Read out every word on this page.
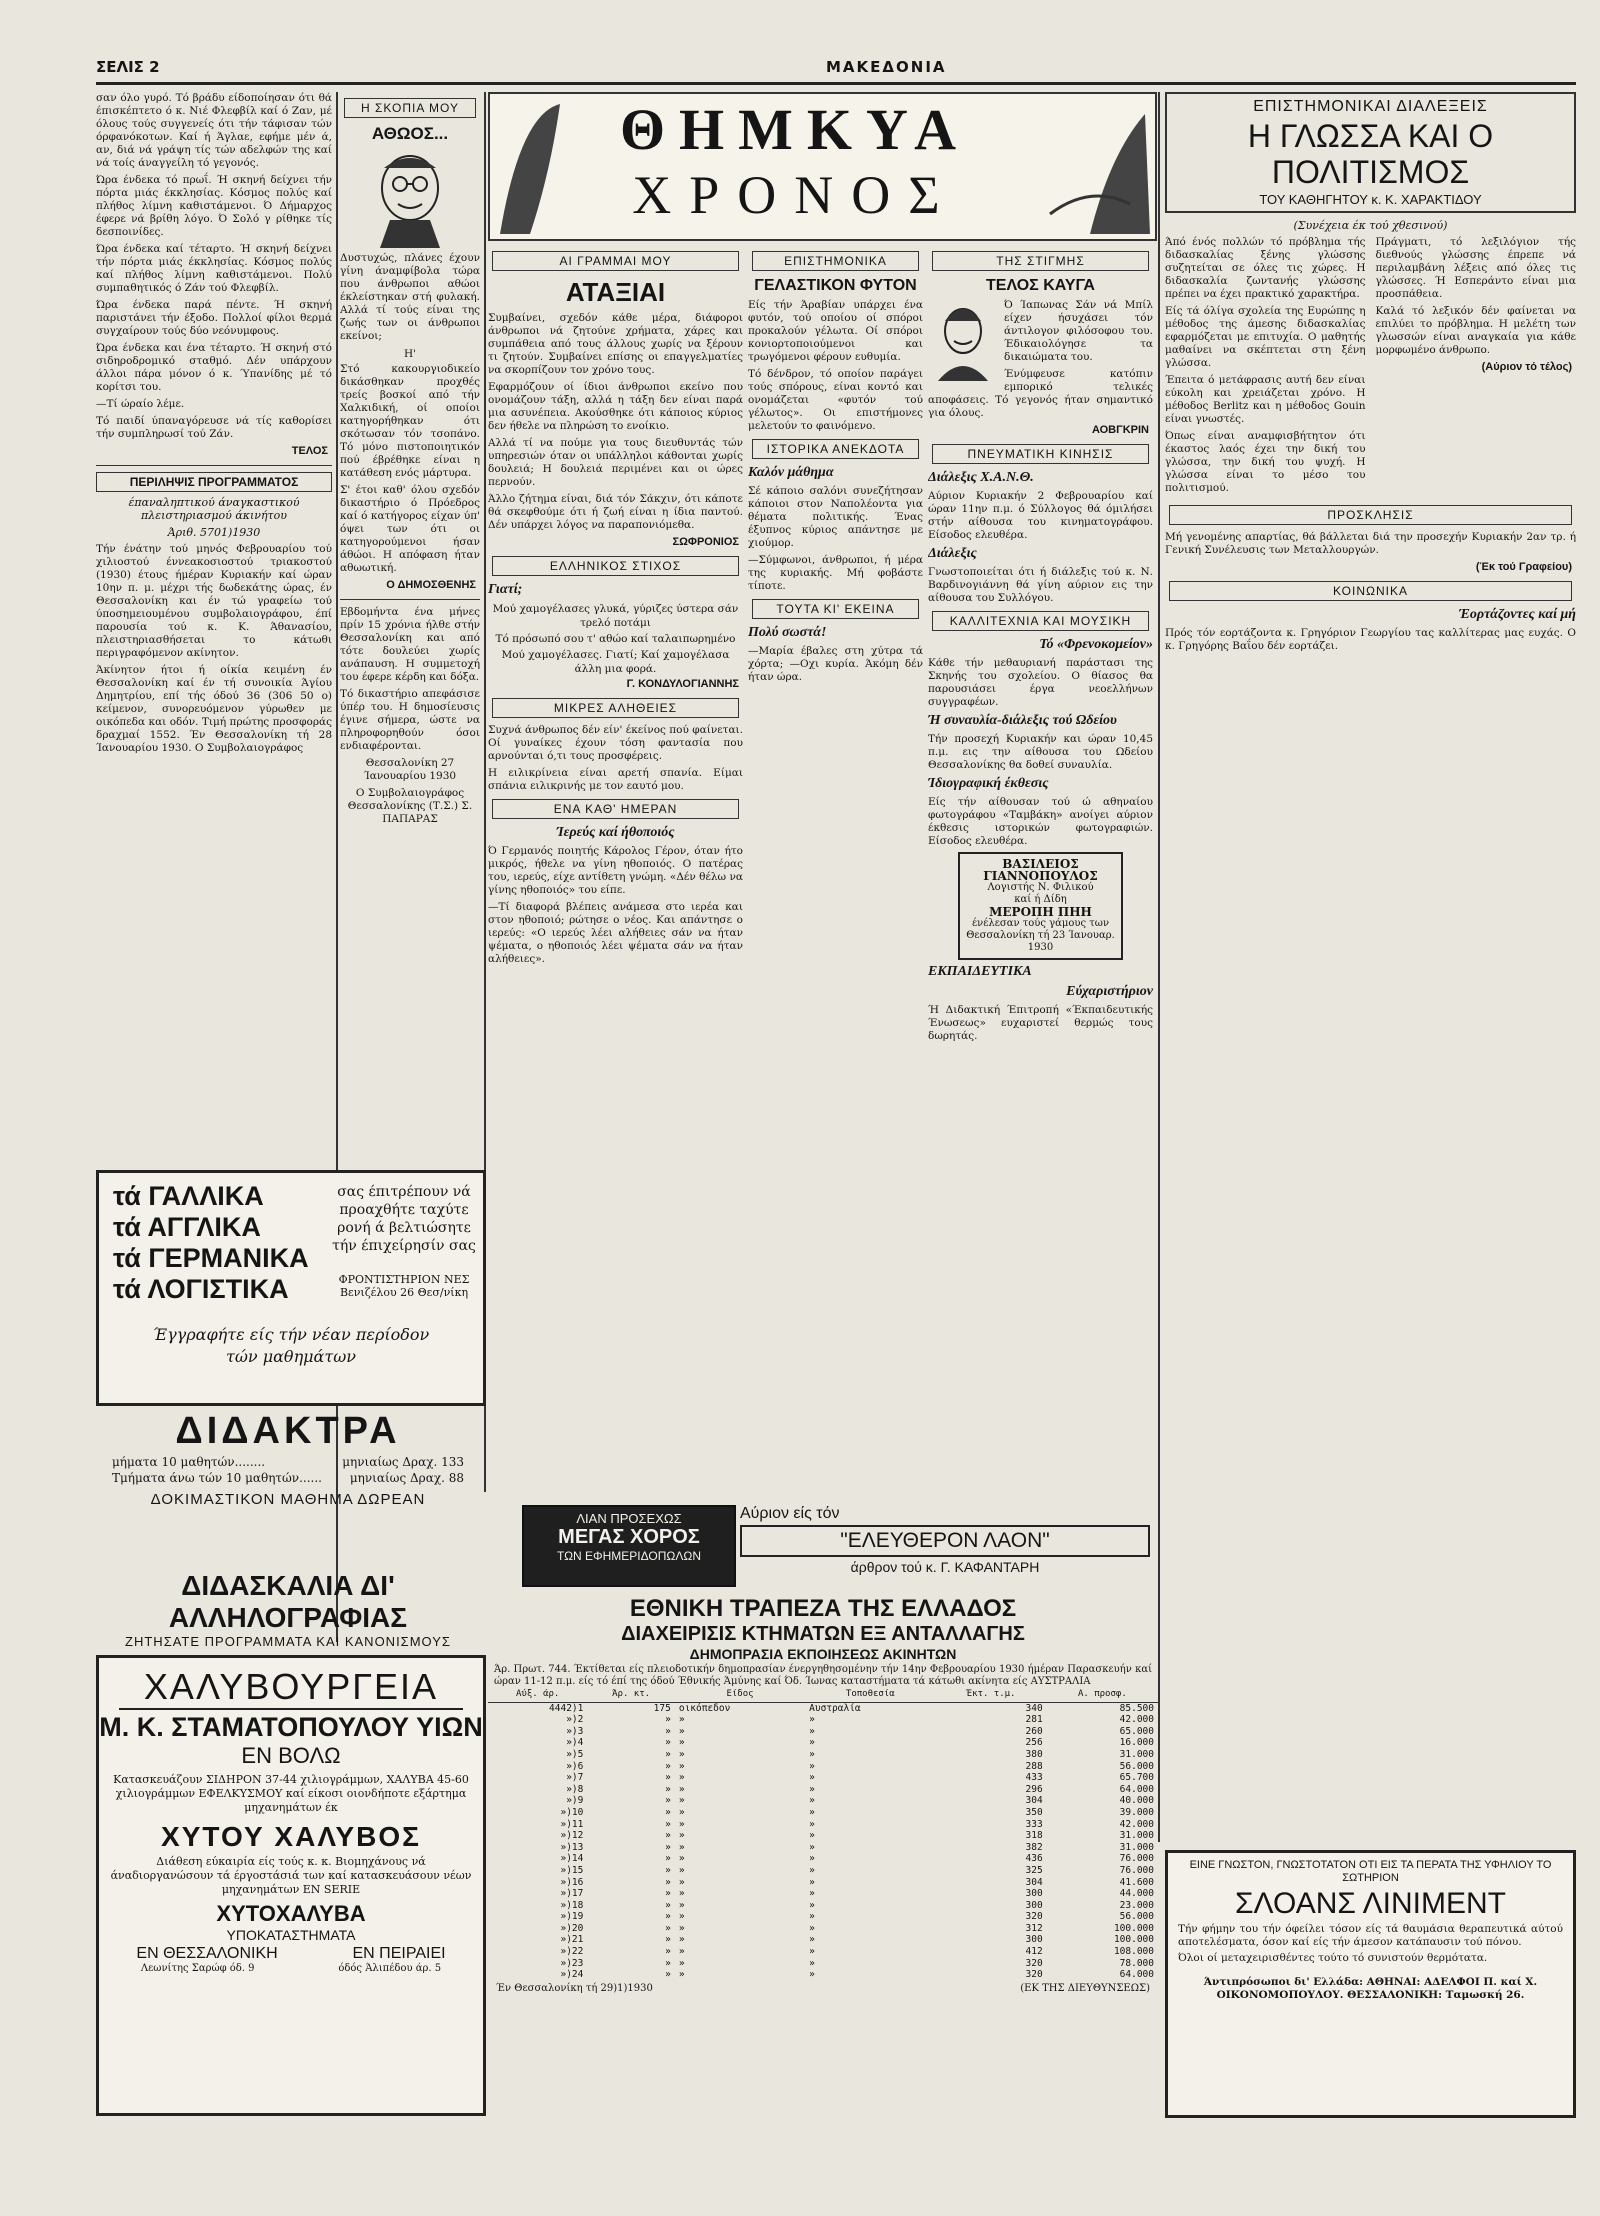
ΣΕΛΙΣ 2	ΜΑΚΕΔΟΝΙΑ

σαν όλο γυρό. Τό βράδυ είδοποίησαν ότι θά έπισκέπτετο ό κ. Νιέ Φλεφβίλ καί ό Ζαν, μέ όλους τούς συγγενείς ότι τήν τάφισαν τών όρφανόκοτων. Καί ή Άγλαε, εφήμε μέν ά, αν, διά νά γράψη τίς τών αδελφών της καί νά τοίς άναγγείλη τό γεγονός.

Ώρα ένδεκα τό πρωΐ. Ή σκηνή δείχνει τήν πόρτα μιάς έκκλησίας. Κόσμος πολύς καί πλήθος λίμνη καθιστάμενοι. Ό Δήμαρχος έφερε νά βρίθη λόγο. Ό Σολό γ ρίθηκε τίς δεσποινίδες.

Ώρα ένδεκα καί τέταρτο. Ή σκηνή δείχνει τήν πόρτα μιάς έκκλησίας. Κόσμος πολύς καί πλήθος λίμνη καθιστάμενοι. Πολύ συμπαθητικός ό Ζάν τού Φλεφβίλ.

Ώρα ένδεκα παρά πέντε. Ή σκηνή παριστάνει τήν έξοδο. Πολλοί φίλοι θερμά συγχαίρουν τούς δύο νεόνυμφους.

Ώρα ένδεκα και ένα τέταρτο. Ή σκηνή στό σιδηροδρομικό σταθμό. Δέν υπάρχουν άλλοι πάρα μόνον ό κ. Ύπανίδης μέ τό κορίτσι του.

—Τί ώραίο λέμε.

Τό παιδί ύπαναγόρευσε νά τίς καθορίσει τήν συμπληρωσί τού Ζάν.

ΤΕΛΟΣ
ΠΕΡΙΛΗΨΙΣ ΠΡΟΓΡΑΜΜΑΤΟΣ
έπαναληπτικού άναγκαστικού πλειστηριασμού άκινήτου
Άριθ. 5701)1930

Τήν ένάτην τού μηνός Φεβρουαρίου τού χιλιοστού έννεακοσιοστού τριακοστού (1930) έτους ήμέραν Κυριακήν καί ώραν 10ην π. μ. μέχρι τής δωδεκάτης ώρας, έν Θεσσαλονίκη και έν τώ γραφείω τού ύποσημειουμένου συμβολαιογράφου, έπί παρουσία τού κ. Κ. Άθανασίου, πλειστηριασθήσεται το κάτωθι περιγραφόμενον ακίνητον.

Άκίνητον ήτοι ή οίκία κειμένη έν Θεσσαλονίκη καί έν τή συνοικία Άγίου Δημητρίου, επί τής όδού 36 (306 50 ο) κείμενον, συνορευόμενον γύρωθεν με οικόπεδα και οδόν. Τιμή πρώτης προσφοράς δραχμαί 1552. Έν Θεσσαλονίκη τή 28 Ίανουαρίου 1930. Ο Συμβολαιογράφος

Η ΣΚΟΠΙΑ ΜΟΥ
ΑΘΩΟΣ...

Δυστυχώς, πλάνες έχουν γίνη άναμφίβολα τώρα που άνθρωποι αθώοι έκλείστηκαν στή φυλακή. Αλλά τί τούς είναι της ζωής των οι άνθρωποι εκείνοι;

Η'

Στό κακουργιοδικείο δικάσθηκαν προχθές τρείς βοσκοί από τήν Χαλκιδική, οί οποίοι κατηγορήθηκαν ότι σκότωσαν τόν τσοπάνο. Τό μόνο πιστοποιητικόν πού έβρέθηκε είναι η κατάθεση ενός μάρτυρα.

Σ' έτοι καθ' όλου σχεδόν δικαστήριο ό Πρόεδρος καί ό κατήγορος είχαν ύπ' όψει των ότι οι κατηγορούμενοι ήσαν άθώοι. Η απόφαση ήταν αθωωτική.

Ο ΔΗΜΟΣΘΕΝΗΣ

Εβδομήντα ένα μήνες πρίν 15 χρόνια ήλθε στήν Θεσσαλονίκη και από τότε δουλεύει χωρίς ανάπαυση. Η συμμετοχή του έφερε κέρδη και δόξα.

Τό δικαστήριο απεφάσισε ύπέρ του. Η δημοσίευσις έγινε σήμερα, ώστε να πληροφορηθούν όσοι ενδιαφέρονται.

Θεσσαλονίκη 27 Ίανουαρίου 1930

Ο Συμβολαιογράφος Θεσσαλονίκης (Τ.Σ.) Σ. ΠΑΠΑΡΑΣ

ΘΗΜΚΥΑ
ΧΡΟΝΟΣ
ΑΙ ΓΡΑΜΜΑΙ ΜΟΥ
ΑΤΑΞΙΑΙ

Συμβαίνει, σχεδόν κάθε μέρα, διάφοροι άνθρωποι νά ζητούνε χρήματα, χάρες και συμπάθεια από τους άλλους χωρίς να ξέρουν τι ζητούν. Συμβαίνει επίσης οι επαγγελματίες να σκορπίζουν τον χρόνο τους.

Εφαρμόζουν οί ίδιοι άνθρωποι εκείνο που ονομάζουν τάξη, αλλά η τάξη δεν είναι παρά μια ασυνέπεια. Ακούσθηκε ότι κάποιος κύριος δεν ήθελε να πληρώση το ενοίκιο.

Αλλά τί να πούμε για τους διευθυντάς τών υπηρεσιών όταν οι υπάλληλοι κάθονται χωρίς δουλειά; Η δουλειά περιμένει και οι ώρες περνούν.

Άλλο ζήτημα είναι, διά τόν Σάκχιν, ότι κάποτε θά σκεφθούμε ότι ή ζωή είναι η ίδια παντού. Δέν υπάρχει λόγος να παραπονιόμεθα.

ΣΩΦΡΟΝΙΟΣ
ΕΛΛΗΝΙΚΟΣ ΣΤΙΧΟΣ
Γιατί;

Μού χαμογέλασες γλυκά, γύριζες ύστερα σάν τρελό ποτάμι

Τό πρόσωπό σου τ' αθώο καί ταλαιπωρημένο

Μού χαμογέλασες. Γιατί; Καί χαμογέλασα άλλη μια φορά.

Γ. ΚΟΝΔΥΛΟΓΙΑΝΝΗΣ
ΜΙΚΡΕΣ ΑΛΗΘΕΙΕΣ

Συχνά άνθρωπος δέν είν' έκείνος πού φαίνεται. Οί γυναίκες έχουν τόση φαντασία που αρνούνται ό,τι τους προσφέρεις.

Η ειλικρίνεια είναι αρετή σπανία. Είμαι σπάνια ειλικρινής με τον εαυτό μου.

ΕΝΑ ΚΑΘ' ΗΜΕΡΑΝ
Ίερεύς καί ήθοποιός

Ό Γερμανός ποιητής Κάρολος Γέρον, όταν ήτο μικρός, ήθελε να γίνη ηθοποιός. Ο πατέρας του, ιερεύς, είχε αντίθετη γνώμη. «Δέν θέλω να γίνης ηθοποιός» του είπε.

—Τί διαφορά βλέπεις ανάμεσα στο ιερέα και στον ηθοποιό; ρώτησε ο νέος. Και απάντησε ο ιερεύς: «Ο ιερεύς λέει αλήθειες σάν να ήταν ψέματα, ο ηθοποιός λέει ψέματα σάν να ήταν αλήθειες».

ΕΠΙΣΤΗΜΟΝΙΚΑ
ΓΕΛΑΣΤΙΚΟΝ ΦΥΤΟΝ

Είς τήν Άραβίαν υπάρχει ένα φυτόν, τού οποίου οί σπόροι προκαλούν γέλωτα. Οί σπόροι κονιορτοποιούμενοι και τρωγόμενοι φέρουν ευθυμία.

Τό δένδρον, τό οποίον παράγει τούς σπόρους, είναι κοντό και ονομάζεται «φυτόν τού γέλωτος». Οι επιστήμονες μελετούν το φαινόμενο.

ΙΣΤΟΡΙΚΑ ΑΝΕΚΔΟΤΑ
Καλόν μάθημα

Σέ κάποιο σαλόνι συνεζήτησαν κάποιοι στον Ναπολέοντα για θέματα πολιτικής. Ένας έξυπνος κύριος απάντησε με χιούμορ.

—Σύμφωνοι, άνθρωποι, ή μέρα της κυριακής. Μή φοβάστε τίποτε.

ΤΟΥΤΑ ΚΙ' ΕΚΕΙΝΑ
Πολύ σωστά!

—Μαρία έβαλες στη χύτρα τά χόρτα; —Οχι κυρία. Άκόμη δέν ήταν ώρα.

ΤΗΣ ΣΤΙΓΜΗΣ
ΤΕΛΟΣ ΚΑΥΓΑ

Ό Ίαπωνας Σάν νά Μπίλ είχεν ήσυχάσει τόν άντιλογον φιλόσοφου του. Έδικαιολόγησε τα δικαιώματα του.

Ένύμφευσε κατόπιν εμπορικό τελικές αποφάσεις. Τό γεγονός ήταν σημαντικό για όλους.

ΑΟΒΓΚΡΙΝ
ΠΝΕΥΜΑΤΙΚΗ ΚΙΝΗΣΙΣ
Διάλεξις Χ.Α.Ν.Θ.

Αύριον Κυριακήν 2 Φεβρουαρίου καί ώραν 11ην π.μ. ό Σύλλογος θά όμιλήσει στήν αίθουσα του κινηματογράφου. Είσοδος ελευθέρα.

Διάλεξις

Γνωστοποιείται ότι ή διάλεξις τού κ. Ν. Βαρδινογιάννη θά γίνη αύριον εις την αίθουσα του Συλλόγου.

ΚΑΛΛΙΤΕΧΝΙΑ ΚΑΙ ΜΟΥΣΙΚΗ
Τό «Φρενοκομείον»

Κάθε τήν μεθαυριανή παράστασι της Σκηνής του σχολείου. Ο θίασος θα παρουσιάσει έργα νεοελλήνων συγγραφέων.

Ή συναυλία-διάλεξις τού Ωδείου

Τήν προσεχή Κυριακήν και ώραν 10,45 π.μ. εις την αίθουσα του Ωδείου Θεσσαλονίκης θα δοθεί συναυλία.

Ίδιογραφική έκθεσις

Είς τήν αίθουσαν τού ώ αθηναίου φωτογράφου «Ταμβάκη» ανοίγει αύριον έκθεσις ιστορικών φωτογραφιών. Είσοδος ελευθέρα.

ΒΑΣΙΛΕΙΟΣ ΓΙΑΝΝΟΠΟΥΛΟΣ
Λογιστής Ν. Φιλικού
καί ή Δίδη
ΜΕΡΟΠΗ ΠΗΗ
ένέλεσαν τούς γάμους των
Θεσσαλονίκη τή 23 Ίανουαρ. 1930
ΕΚΠΑΙΔΕΥΤΙΚΑ
Εύχαριστήριον

Ή Διδακτική Έπιτροπή «Έκπαιδευτικής Ένωσεως» ευχαριστεί θερμώς τους δωρητάς.

ΕΠΙΣΤΗΜΟΝΙΚΑΙ ΔΙΑΛΕΞΕΙΣ
Η ΓΛΩΣΣΑ ΚΑΙ Ο ΠΟΛΙΤΙΣΜΟΣ
ΤΟΥ ΚΑΘΗΓΗΤΟΥ κ. Κ. ΧΑΡΑΚΤΙΔΟΥ
(Συνέχεια έκ τού χθεσινού)

Άπό ένός πολλών τό πρόβλημα τής διδασκαλίας ξένης γλώσσης συζητείται σε όλες τις χώρες. Η διδασκαλία ζωντανής γλώσσης πρέπει να έχει πρακτικό χαρακτήρα.

Είς τά όλίγα σχολεία της Ευρώπης η μέθοδος της άμεσης διδασκαλίας εφαρμόζεται με επιτυχία. Ο μαθητής μαθαίνει να σκέπτεται στη ξένη γλώσσα.

Έπειτα ό μετάφρασις αυτή δεν είναι εύκολη και χρειάζεται χρόνο. Η μέθοδος Berlitz και η μέθοδος Gouin είναι γνωστές.

Όπως είναι αναμφισβήτητον ότι έκαστος λαός έχει την δική του γλώσσα, την δική του ψυχή. Η γλώσσα είναι το μέσο του πολιτισμού.

Πράγματι, τό λεξιλόγιον τής διεθνούς γλώσσης έπρεπε νά περιλαμβάνη λέξεις από όλες τις γλώσσες. Ή Εσπεράντο είναι μια προσπάθεια.

Καλά τό λεξικόν δέν φαίνεται να επιλύει το πρόβλημα. Η μελέτη των γλωσσών είναι αναγκαία για κάθε μορφωμένο άνθρωπο.

(Αύριον τό τέλος)
ΠΡΟΣΚΛΗΣΙΣ

Μή γενομένης απαρτίας, θά βάλλεται διά την προσεχήν Κυριακήν 2αν τρ. ή Γενική Συνέλευσις των Μεταλλουργών.

(Έκ τού Γραφείου)
ΚΟΙΝΩΝΙΚΑ
Έορτάζοντες καί μή

Πρός τόν εορτάζοντα κ. Γρηγόριον Γεωργίου τας καλλίτερας μας ευχάς. Ο κ. Γρηγόρης Βαΐου δέν εορτάζει.

τά ΓΑΛΛΙΚΑ
τά ΑΓΓΛΙΚΑ
τά ΓΕΡΜΑΝΙΚΑ
τά ΛΟΓΙΣΤΙΚΑ
σας έπιτρέπουν νά προαχθήτε ταχύτε ρονή ά βελτιώσητε τήν έπιχείρησίν σας
ΦΡΟΝΤΙΣΤΗΡΙΟΝ ΝΕΣ Βενιζέλου 26 Θεσ/νίκη
Έγγραφήτε είς τήν νέαν περίοδον
τών μαθημάτων
ΔΙΔΑΚΤΡΑ
μήματα 10 μαθητών........	μηνιαίως Δραχ. 133
Τμήματα άνω τών 10 μαθητών...... μηνιαίως Δραχ. 88
ΔΟΚΙΜΑΣΤΙΚΟΝ ΜΑΘΗΜΑ ΔΩΡΕΑΝ
ΔΙΔΑΣΚΑΛΙΑ ΔΙ' ΑΛΛΗΛΟΓΡΑΦΙΑΣ
ΖΗΤΗΣΑΤΕ ΠΡΟΓΡΑΜΜΑΤΑ ΚΑΙ ΚΑΝΟΝΙΣΜΟΥΣ
ΧΑΛΥΒΟΥΡΓΕΙΑ
Μ. Κ. ΣΤΑΜΑΤΟΠΟΥΛΟΥ ΥΙΩΝ
ΕΝ ΒΟΛΩ
Κατασκευάζουν ΣΙΔΗΡΟΝ 37-44 χιλιογράμμων, ΧΑΛΥΒΑ 45-60 χιλιογράμμων ΕΦΕΛΚΥΣΜΟΥ καί είκοσι οιονδήποτε εξάρτημα μηχανημάτων έκ
ΧΥΤΟΥ ΧΑΛΥΒΟΣ
Διάθεση εύκαιρία είς τούς κ. κ. Βιομηχάνους νά άναδιοργανώσουν τά έργοστάσιά των καί κατασκευάσουν νέων μηχανημάτων ΕΝ SERIE
ΧΥΤΟΧΑΛΥΒΑ
ΥΠΟΚΑΤΑΣΤΗΜΑΤΑ
ΕΝ ΘΕΣΣΑΛΟΝΙΚΗ	ΕΝ ΠΕΙΡΑΙΕΙ
Λεωνίτης Σαρώφ όδ. 9	όδός Άλιπέδου άρ. 5
ΛΙΑΝ ΠΡΟΣΕΧΩΣ
ΜΕΓΑΣ ΧΟΡΟΣ
ΤΩΝ ΕΦΗΜΕΡΙΔΟΠΩΛΩΝ
Αύριον είς τόν
"ΕΛΕΥΘΕΡΟΝ ΛΑΟΝ"
άρθρον τού κ. Γ. ΚΑΦΑΝΤΑΡΗ
ΕΘΝΙΚΗ ΤΡΑΠΕΖΑ ΤΗΣ ΕΛΛΑΔΟΣ
ΔΙΑΧΕΙΡΙΣΙΣ ΚΤΗΜΑΤΩΝ ΕΞ ΑΝΤΑΛΛΑΓΗΣ
ΔΗΜΟΠΡΑΣΙΑ ΕΚΠΟΙΗΣΕΩΣ ΑΚΙΝΗΤΩΝ
Άρ. Πρωτ. 744. Έκτίθεται είς πλειοδοτικήν δημοπρασίαν ένεργηθησομένην τήν 14ην Φεβρουαρίου 1930 ήμέραν Παρασκευήν καί ώραν 11-12 π.μ. είς τό έπί της όδού Έθνικής Άμύνης καί Όδ. Ίωνας καταστήματα τά κάτωθι ακίνητα είς ΑΥΣΤΡΑΛΙΑ
Αύξ. άρ.	Άρ. κτ.	Είδος	Τοποθεσία	Έκτ. τ.μ.	Α. προσφ.
4442)1	175	οικόπεδον	Αυστραλία	340	85.500
»)2	»	»	»	281	42.000
»)3	»	»	»	260	65.000
»)4	»	»	»	256	16.000
»)5	»	»	»	380	31.000
»)6	»	»	»	288	56.000
»)7	»	»	»	433	65.700
»)8	»	»	»	296	64.000
»)9	»	»	»	304	40.000
»)10	»	»	»	350	39.000
»)11	»	»	»	333	42.000
»)12	»	»	»	318	31.000
»)13	»	»	»	382	31.000
»)14	»	»	»	436	76.000
»)15	»	»	»	325	76.000
»)16	»	»	»	304	41.600
»)17	»	»	»	300	44.000
»)18	»	»	»	300	23.000
»)19	»	»	»	320	56.000
»)20	»	»	»	312	100.000
»)21	»	»	»	300	100.000
»)22	»	»	»	412	108.000
»)23	»	»	»	320	78.000
»)24	»	»	»	320	64.000
Έν Θεσσαλονίκη τή 29)1)1930	(ΕΚ ΤΗΣ ΔΙΕΥΘΥΝΣΕΩΣ)
ΕΙΝΕ ΓΝΩΣΤΟΝ, ΓΝΩΣΤΟΤΑΤΟΝ ΟΤΙ ΕΙΣ ΤΑ ΠΕΡΑΤΑ ΤΗΣ ΥΦΗΛΙΟΥ ΤΟ ΣΩΤΗΡΙΟΝ
ΣΛΟΑΝΣ ΛΙΝΙΜΕΝΤ

Τήν φήμην του τήν όφείλει τόσον είς τά θαυμάσια θεραπευτικά αύτού αποτελέσματα, όσον καί είς τήν άμεσον κατάπαυσιν τού πόνου.

Όλοι οί μεταχειρισθέντες τούτο τό συνιστούν θερμότατα.

Άντιπρόσωποι δι' Ελλάδα: ΑΘΗΝΑΙ: ΑΔΕΛΦΟΙ Π. καί Χ. ΟΙΚΟΝΟΜΟΠΟΥΛΟΥ. ΘΕΣΣΑΛΟΝΙΚΗ: Ταμωσκή 26.
